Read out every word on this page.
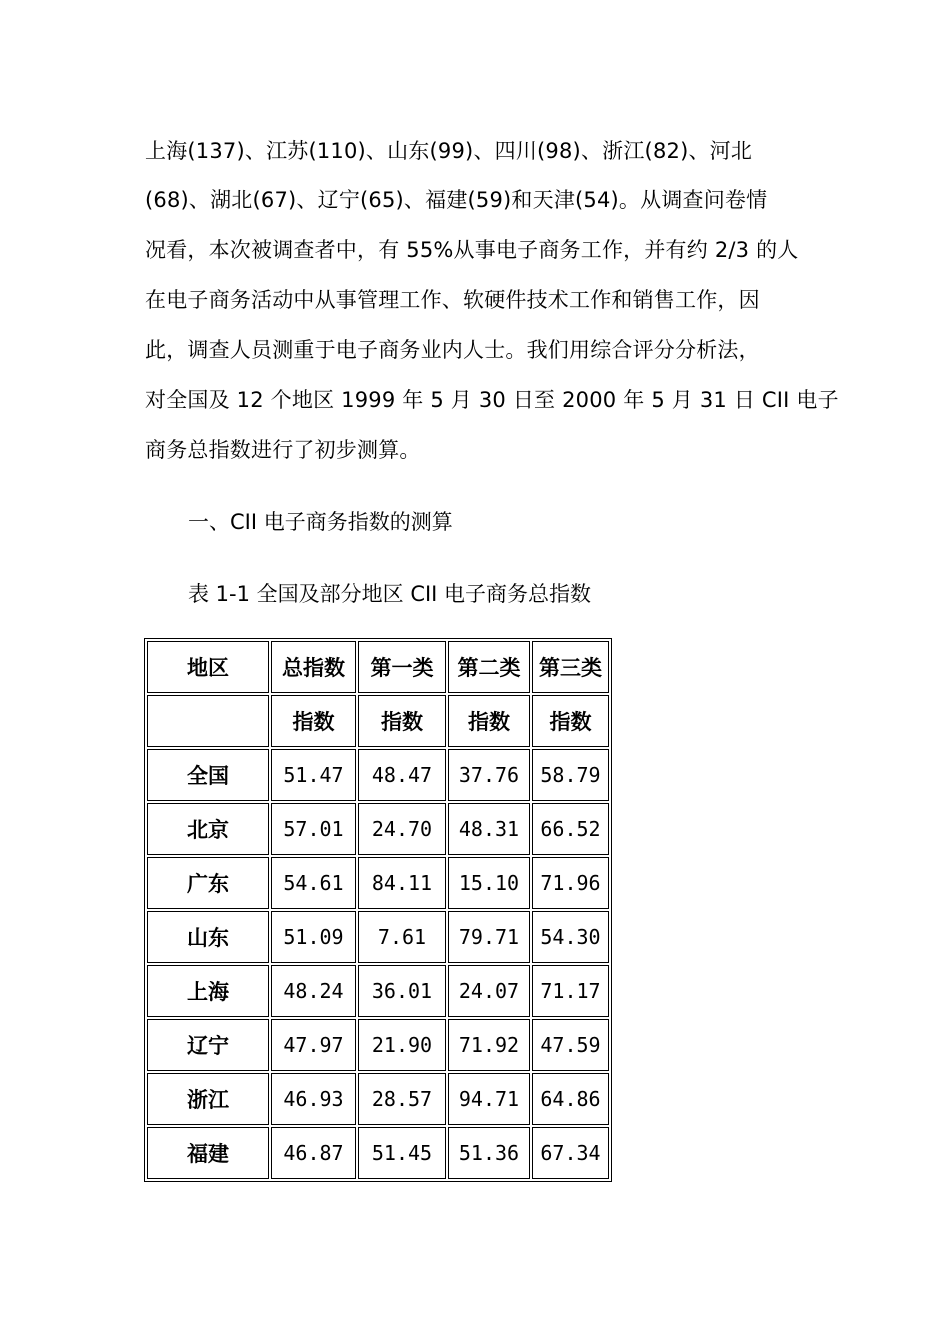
上海(137)、江苏(110)、山东(99)、四川(98)、浙江(82)、河北
(68)、湖北(67)、辽宁(65)、福建(59)和天津(54)。从调查问卷情
况看，本次被调查者中，有 55%从事电子商务工作，并有约 2/3 的人
在电子商务活动中从事管理工作、软硬件技术工作和销售工作，因
此，调查人员测重于电子商务业内人士。我们用综合评分分析法，
对全国及 12 个地区 1999 年 5 月 30 日至 2000 年 5 月 31 日 CII 电子
商务总指数进行了初步测算。
一、CII 电子商务指数的测算
表 1-1 全国及部分地区 CII 电子商务总指数
地区	总指数	第一类	第二类	第三类
	指数	指数	指数	指数
全国	51.47	48.47	37.76	58.79
北京	57.01	24.70	48.31	66.52
广东	54.61	84.11	15.10	71.96
山东	51.09	7.61	79.71	54.30
上海	48.24	36.01	24.07	71.17
辽宁	47.97	21.90	71.92	47.59
浙江	46.93	28.57	94.71	64.86
福建	46.87	51.45	51.36	67.34
